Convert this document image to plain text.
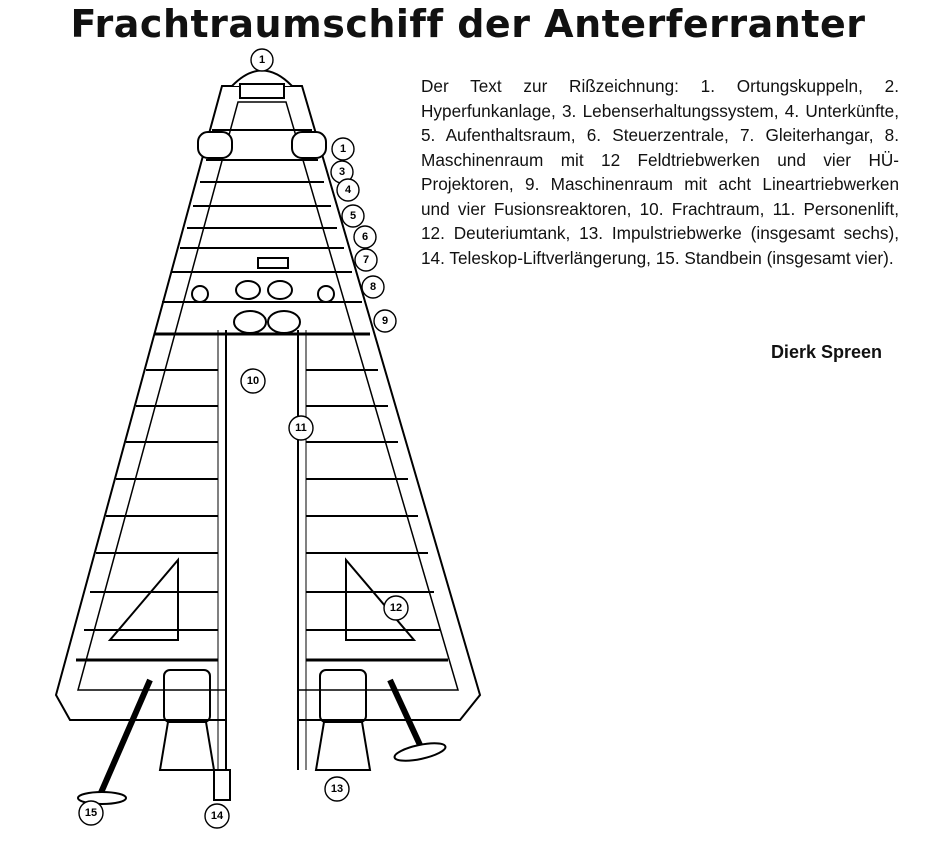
Frachtraumschiff der Anterferranter
Der Text zur Rißzeichnung: 1. Ortungskuppeln, 2. Hyperfunkanlage, 3. Lebenserhaltungssystem, 4. Unterkünfte, 5. Aufenthaltsraum, 6. Steuerzentrale, 7. Gleiterhangar, 8. Maschinenraum mit 12 Feldtriebwerken und vier HÜ-Projektoren, 9. Maschinenraum mit acht Lineartriebwerken und vier Fusionsreaktoren, 10. Frachtraum, 11. Personenlift, 12. Deuteriumtank, 13. Impulstriebwerke (insgesamt sechs), 14. Teleskop-Liftverlängerung, 15. Standbein (insgesamt vier).
Dierk Spreen
1
1
3
4
5
6
7
8
9
10
11
12
13
14
15
